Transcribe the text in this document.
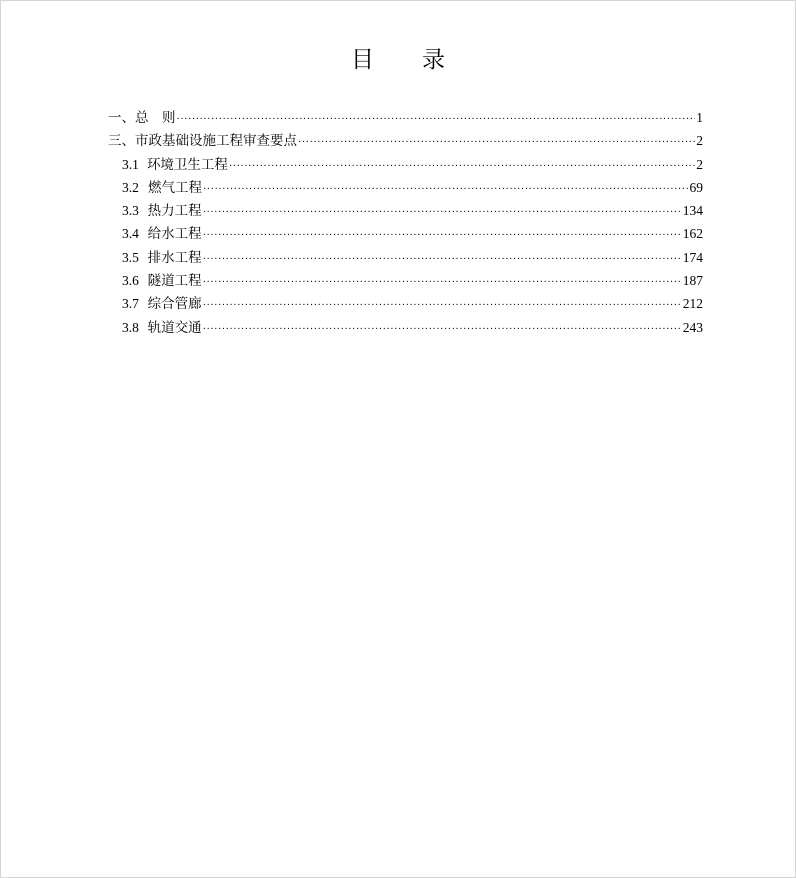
目 录
一、总　则 ·····	1
三、市政基础设施工程审查要点 ·····	2
3.1 环境卫生工程 ·····	2
3.2 燃气工程 ·····	69
3.3 热力工程 ·····	134
3.4 给水工程 ·····	162
3.5 排水工程 ·····	174
3.6 隧道工程 ·····	187
3.7 综合管廊 ·····	212
3.8 轨道交通 ·····	243
